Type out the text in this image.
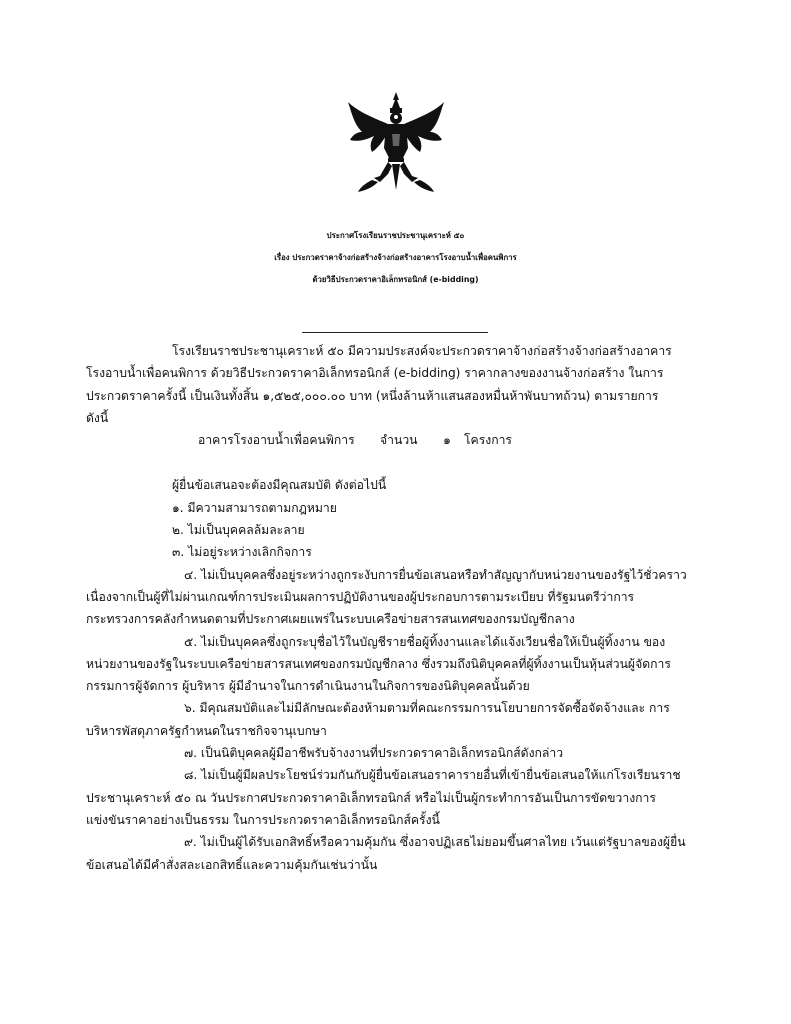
ประกาศโรงเรียนราชประชานุเคราะห์ ๕๐
เรื่อง ประกวดราคาจ้างก่อสร้างจ้างก่อสร้างอาคารโรงอาบน้ำเพื่อคนพิการ
ด้วยวิธีประกวดราคาอิเล็กทรอนิกส์ (e-bidding)

โรงเรียนราชประชานุเคราะห์ ๕๐ มีความประสงค์จะประกวดราคาจ้างก่อสร้างจ้างก่อสร้างอาคาร
โรงอาบน้ำเพื่อคนพิการ ด้วยวิธีประกวดราคาอิเล็กทรอนิกส์ (e-bidding) ราคากลางของงานจ้างก่อสร้าง ในการ
ประกวดราคาครั้งนี้ เป็นเงินทั้งสิ้น ๑,๕๒๕,๐๐๐.๐๐ บาท (หนึ่งล้านห้าแสนสองหมื่นห้าพันบาทถ้วน) ตามรายการ
ดังนี้

อาคารโรงอาบน้ำเพื่อคนพิการ	จำนวน	๑	โครงการ
ผู้ยื่นข้อเสนอจะต้องมีคุณสมบัติ ดังต่อไปนี้
๑. มีความสามารถตามกฎหมาย
๒. ไม่เป็นบุคคลล้มละลาย
๓. ไม่อยู่ระหว่างเลิกกิจการ
๔. ไม่เป็นบุคคลซึ่งอยู่ระหว่างถูกระงับการยื่นข้อเสนอหรือทำสัญญากับหน่วยงานของรัฐไว้ชั่วคราว
เนื่องจากเป็นผู้ที่ไม่ผ่านเกณฑ์การประเมินผลการปฏิบัติงานของผู้ประกอบการตามระเบียบ ที่รัฐมนตรีว่าการ
กระทรวงการคลังกำหนดตามที่ประกาศเผยแพร่ในระบบเครือข่ายสารสนเทศของกรมบัญชีกลาง
๕. ไม่เป็นบุคคลซึ่งถูกระบุชื่อไว้ในบัญชีรายชื่อผู้ทิ้งงานและได้แจ้งเวียนชื่อให้เป็นผู้ทิ้งงาน ของ
หน่วยงานของรัฐในระบบเครือข่ายสารสนเทศของกรมบัญชีกลาง ซึ่งรวมถึงนิติบุคคลที่ผู้ทิ้งงานเป็นหุ้นส่วนผู้จัดการ
กรรมการผู้จัดการ ผู้บริหาร ผู้มีอำนาจในการดำเนินงานในกิจการของนิติบุคคลนั้นด้วย
๖. มีคุณสมบัติและไม่มีลักษณะต้องห้ามตามที่คณะกรรมการนโยบายการจัดซื้อจัดจ้างและ การ
บริหารพัสดุภาครัฐกำหนดในราชกิจจานุเบกษา
๗. เป็นนิติบุคคลผู้มีอาชีพรับจ้างงานที่ประกวดราคาอิเล็กทรอนิกส์ดังกล่าว
๘. ไม่เป็นผู้มีผลประโยชน์ร่วมกันกับผู้ยื่นข้อเสนอราคารายอื่นที่เข้ายื่นข้อเสนอให้แก่โรงเรียนราช
ประชานุเคราะห์ ๕๐ ณ วันประกาศประกวดราคาอิเล็กทรอนิกส์ หรือไม่เป็นผู้กระทำการอันเป็นการขัดขวางการ
แข่งขันราคาอย่างเป็นธรรม ในการประกวดราคาอิเล็กทรอนิกส์ครั้งนี้
๙. ไม่เป็นผู้ได้รับเอกสิทธิ์หรือความคุ้มกัน ซึ่งอาจปฏิเสธไม่ยอมขึ้นศาลไทย เว้นแต่รัฐบาลของผู้ยื่น
ข้อเสนอได้มีคำสั่งสละเอกสิทธิ์และความคุ้มกันเช่นว่านั้น
